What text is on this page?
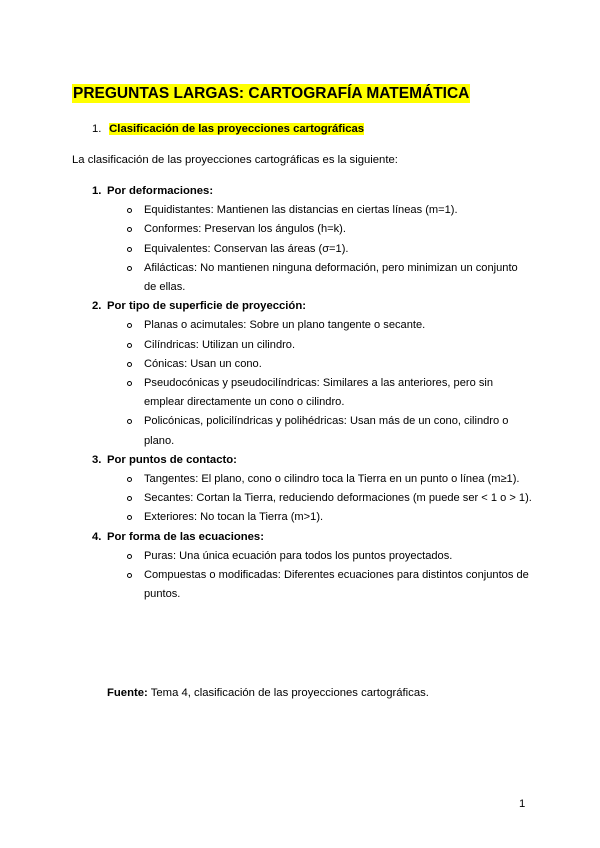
PREGUNTAS LARGAS: CARTOGRAFÍA MATEMÁTICA

1. Clasificación de las proyecciones cartográficas

La clasificación de las proyecciones cartográficas es la siguiente:

1. Por deformaciones:
Equidistantes: Mantienen las distancias en ciertas líneas (m=1).
Conformes: Preservan los ángulos (h=k).
Equivalentes: Conservan las áreas (σ=1).
Afilácticas: No mantienen ninguna deformación, pero minimizan un conjunto de ellas.
2. Por tipo de superficie de proyección:
Planas o acimutales: Sobre un plano tangente o secante.
Cilíndricas: Utilizan un cilindro.
Cónicas: Usan un cono.
Pseudocónicas y pseudocilíndricas: Similares a las anteriores, pero sin emplear directamente un cono o cilindro.
Policónicas, policilíndricas y polihédricas: Usan más de un cono, cilindro o plano.
3. Por puntos de contacto:
Tangentes: El plano, cono o cilindro toca la Tierra en un punto o línea (m≥1).
Secantes: Cortan la Tierra, reduciendo deformaciones (m puede ser < 1 o > 1).
Exteriores: No tocan la Tierra (m>1).
4. Por forma de las ecuaciones:
Puras: Una única ecuación para todos los puntos proyectados.
Compuestas o modificadas: Diferentes ecuaciones para distintos conjuntos de puntos.

Fuente: Tema 4, clasificación de las proyecciones cartográficas.

1
